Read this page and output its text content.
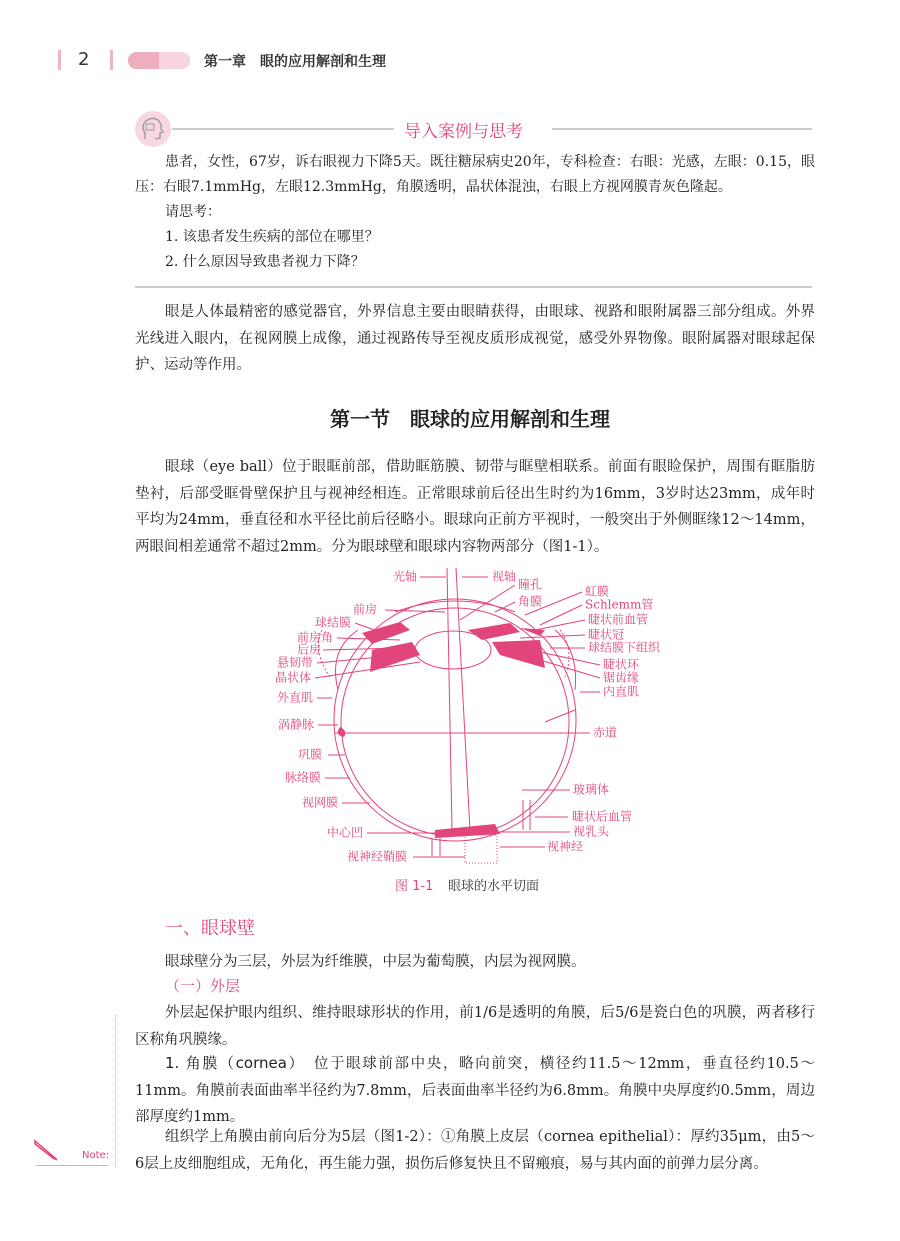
2	第一章　眼的应用解剖和生理
导入案例与思考

患者，女性，67岁，诉右眼视力下降5天。既往糖尿病史20年，专科检查：右眼：光感，左眼：0.15，眼压：右眼7.1mmHg，左眼12.3mmHg，角膜透明，晶状体混浊，右眼上方视网膜青灰色隆起。

请思考：

1. 该患者发生疾病的部位在哪里？

2. 什么原因导致患者视力下降？

眼是人体最精密的感觉器官，外界信息主要由眼睛获得，由眼球、视路和眼附属器三部分组成。外界光线进入眼内，在视网膜上成像，通过视路传导至视皮质形成视觉，感受外界物像。眼附属器对眼球起保护、运动等作用。

第一节　眼球的应用解剖和生理

眼球（eye ball）位于眼眶前部，借助眶筋膜、韧带与眶壁相联系。前面有眼睑保护，周围有眶脂肪垫衬，后部受眶骨壁保护且与视神经相连。正常眼球前后径出生时约为16mm，3岁时达23mm，成年时平均为24mm，垂直径和水平径比前后径略小。眼球向正前方平视时，一般突出于外侧眶缘12～14mm，两眼间相差通常不超过2mm。分为眼球壁和眼球内容物两部分（图1-1）。

光轴
前房
球结膜
前房角
后房
悬韧带
晶状体
外直肌
涡静脉
巩膜
脉络膜
视网膜
中心凹
视神经鞘膜
视轴
瞳孔
角膜
虹膜
Schlemm管
睫状前血管
睫状冠
球结膜下组织
睫状环
锯齿缘
内直肌
赤道
玻璃体
睫状后血管
视乳头
视神经
图 1-1 眼球的水平切面
一、眼球壁

眼球壁分为三层，外层为纤维膜，中层为葡萄膜，内层为视网膜。

（一）外层

外层起保护眼内组织、维持眼球形状的作用，前1/6是透明的角膜，后5/6是瓷白色的巩膜，两者移行区称角巩膜缘。

1. 角膜（cornea）　 位于眼球前部中央，略向前突，横径约11.5～12mm，垂直径约10.5～11mm。角膜前表面曲率半径约为7.8mm，后表面曲率半径约为6.8mm。角膜中央厚度约0.5mm，周边部厚度约1mm。

组织学上角膜由前向后分为5层（图1-2）：①角膜上皮层（cornea epithelial）：厚约35μm，由5～6层上皮细胞组成，无角化，再生能力强，损伤后修复快且不留瘢痕，易与其内面的前弹力层分离。

Note:
